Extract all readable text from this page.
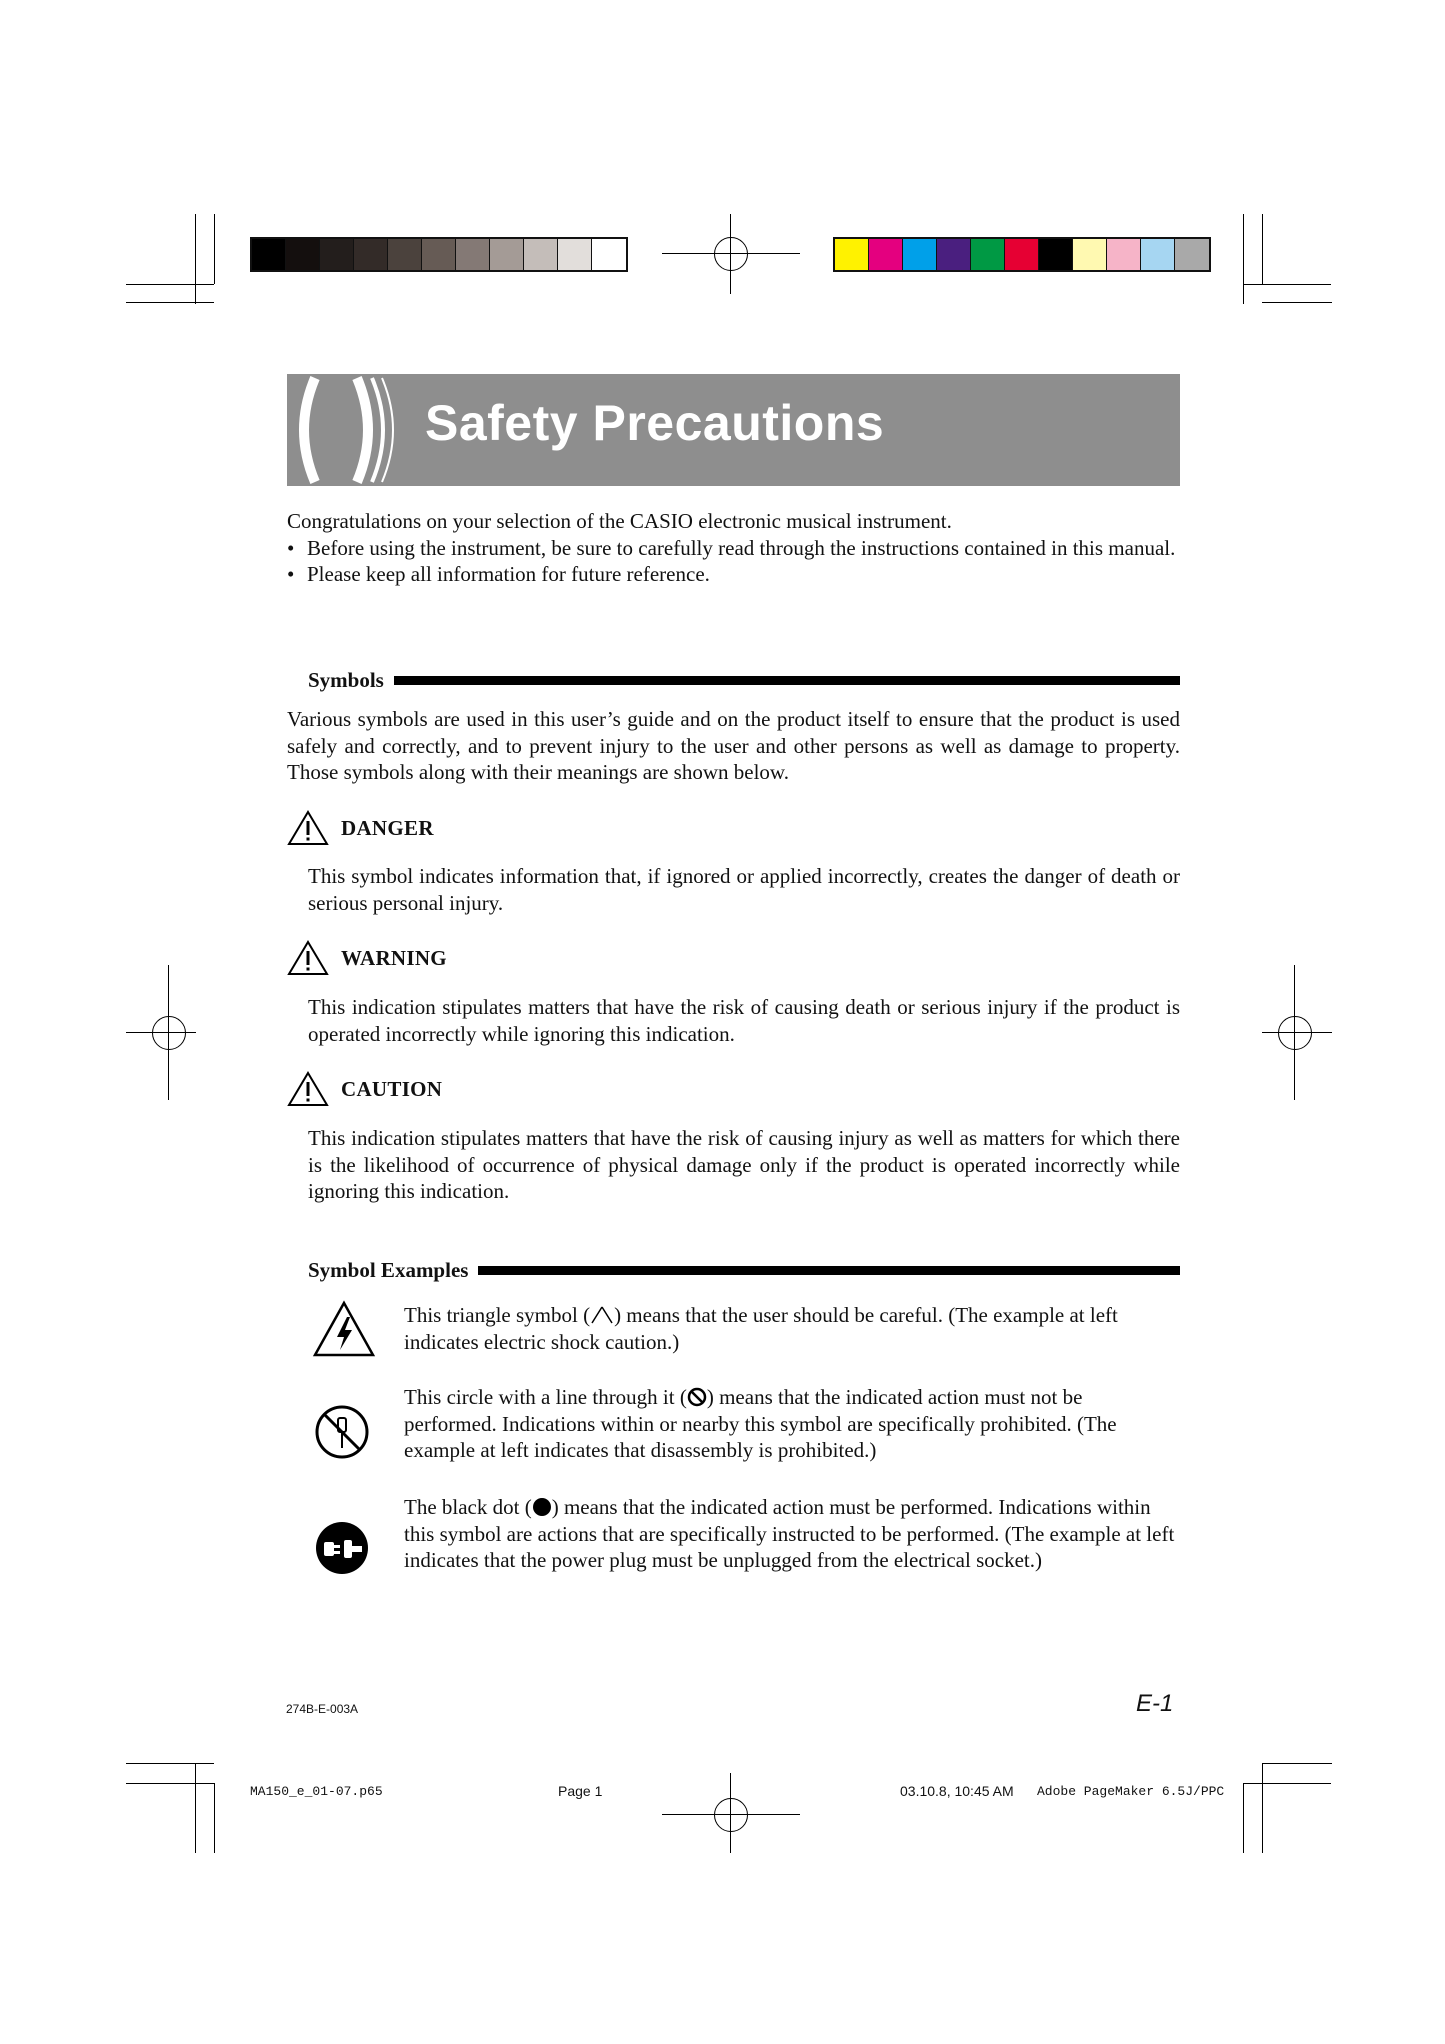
Safety Precautions
Congratulations on your selection of the CASIO electronic musical instrument.
• Before using the instrument, be sure to carefully read through the instructions contained in this manual.
• Please keep all information for future reference.
Symbols
Various symbols are used in this user’s guide and on the product itself to ensure that the product is used safely and correctly, and to prevent injury to the user and other persons as well as damage to property. Those symbols along with their meanings are shown below.
DANGER
This symbol indicates information that, if ignored or applied incorrectly, creates the danger of death or serious personal injury.
WARNING
This indication stipulates matters that have the risk of causing death or serious injury if the product is operated incorrectly while ignoring this indication.
CAUTION
This indication stipulates matters that have the risk of causing injury as well as matters for which there is the likelihood of occurrence of physical damage only if the product is operated incorrectly while ignoring this indication.
Symbol Examples
This triangle symbol ( ) means that the user should be careful. (The example at left indicates electric shock caution.)
This circle with a line through it ( ) means that the indicated action must not be performed. Indications within or nearby this symbol are specifically prohibited. (The example at left indicates that disassembly is prohibited.)
The black dot ( ) means that the indicated action must be performed. Indications within this symbol are actions that are specifically instructed to be performed. (The example at left indicates that the power plug must be unplugged from the electrical socket.)
274B-E-003A	E-1
MA150_e_01-07.p65	Page 1	03.10.8, 10:45 AM Adobe PageMaker 6.5J/PPC
